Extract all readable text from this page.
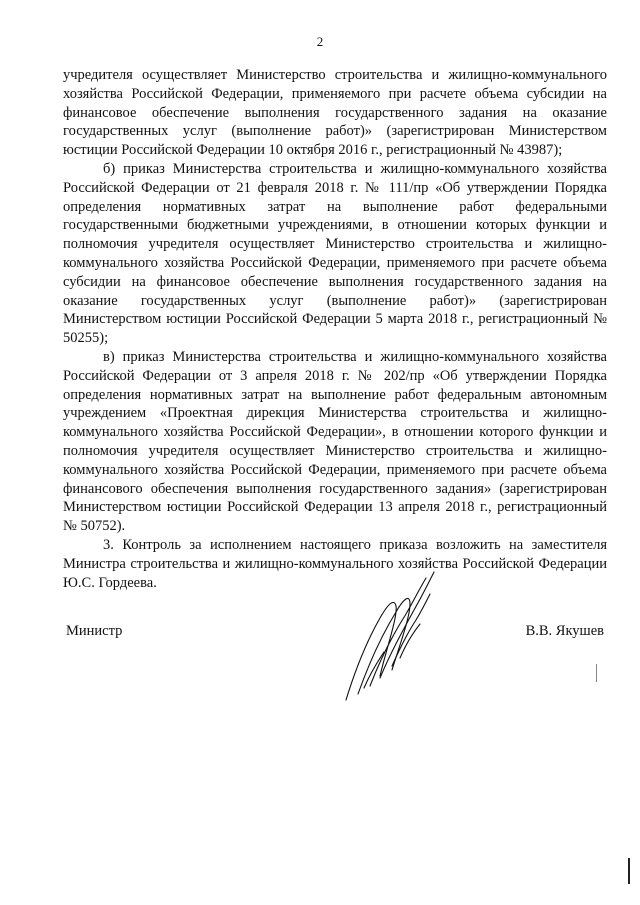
2

учредителя осуществляет Министерство строительства и жилищно-коммунального хозяйства Российской Федерации, применяемого при расчете объема субсидии на финансовое обеспечение выполнения государственного задания на оказание государственных услуг (выполнение работ)» (зарегистрирован Министерством юстиции Российской Федерации 10 октября 2016 г., регистрационный № 43987);

б) приказ Министерства строительства и жилищно-коммунального хозяйства Российской Федерации от 21 февраля 2018 г. № 111/пр «Об утверждении Порядка определения нормативных затрат на выполнение работ федеральными государственными бюджетными учреждениями, в отношении которых функции и полномочия учредителя осуществляет Министерство строительства и жилищно-коммунального хозяйства Российской Федерации, применяемого при расчете объема субсидии на финансовое обеспечение выполнения государственного задания на оказание государственных услуг (выполнение работ)» (зарегистрирован Министерством юстиции Российской Федерации 5 марта 2018 г., регистрационный № 50255);

в) приказ Министерства строительства и жилищно-коммунального хозяйства Российской Федерации от 3 апреля 2018 г. № 202/пр «Об утверждении Порядка определения нормативных затрат на выполнение работ федеральным автономным учреждением «Проектная дирекция Министерства строительства и жилищно-коммунального хозяйства Российской Федерации», в отношении которого функции и полномочия учредителя осуществляет Министерство строительства и жилищно-коммунального хозяйства Российской Федерации, применяемого при расчете объема финансового обеспечения выполнения государственного задания» (зарегистрирован Министерством юстиции Российской Федерации 13 апреля 2018 г., регистрационный № 50752).

3. Контроль за исполнением настоящего приказа возложить на заместителя Министра строительства и жилищно-коммунального хозяйства Российской Федерации Ю.С. Гордеева.

Министр	В.В. Якушев
